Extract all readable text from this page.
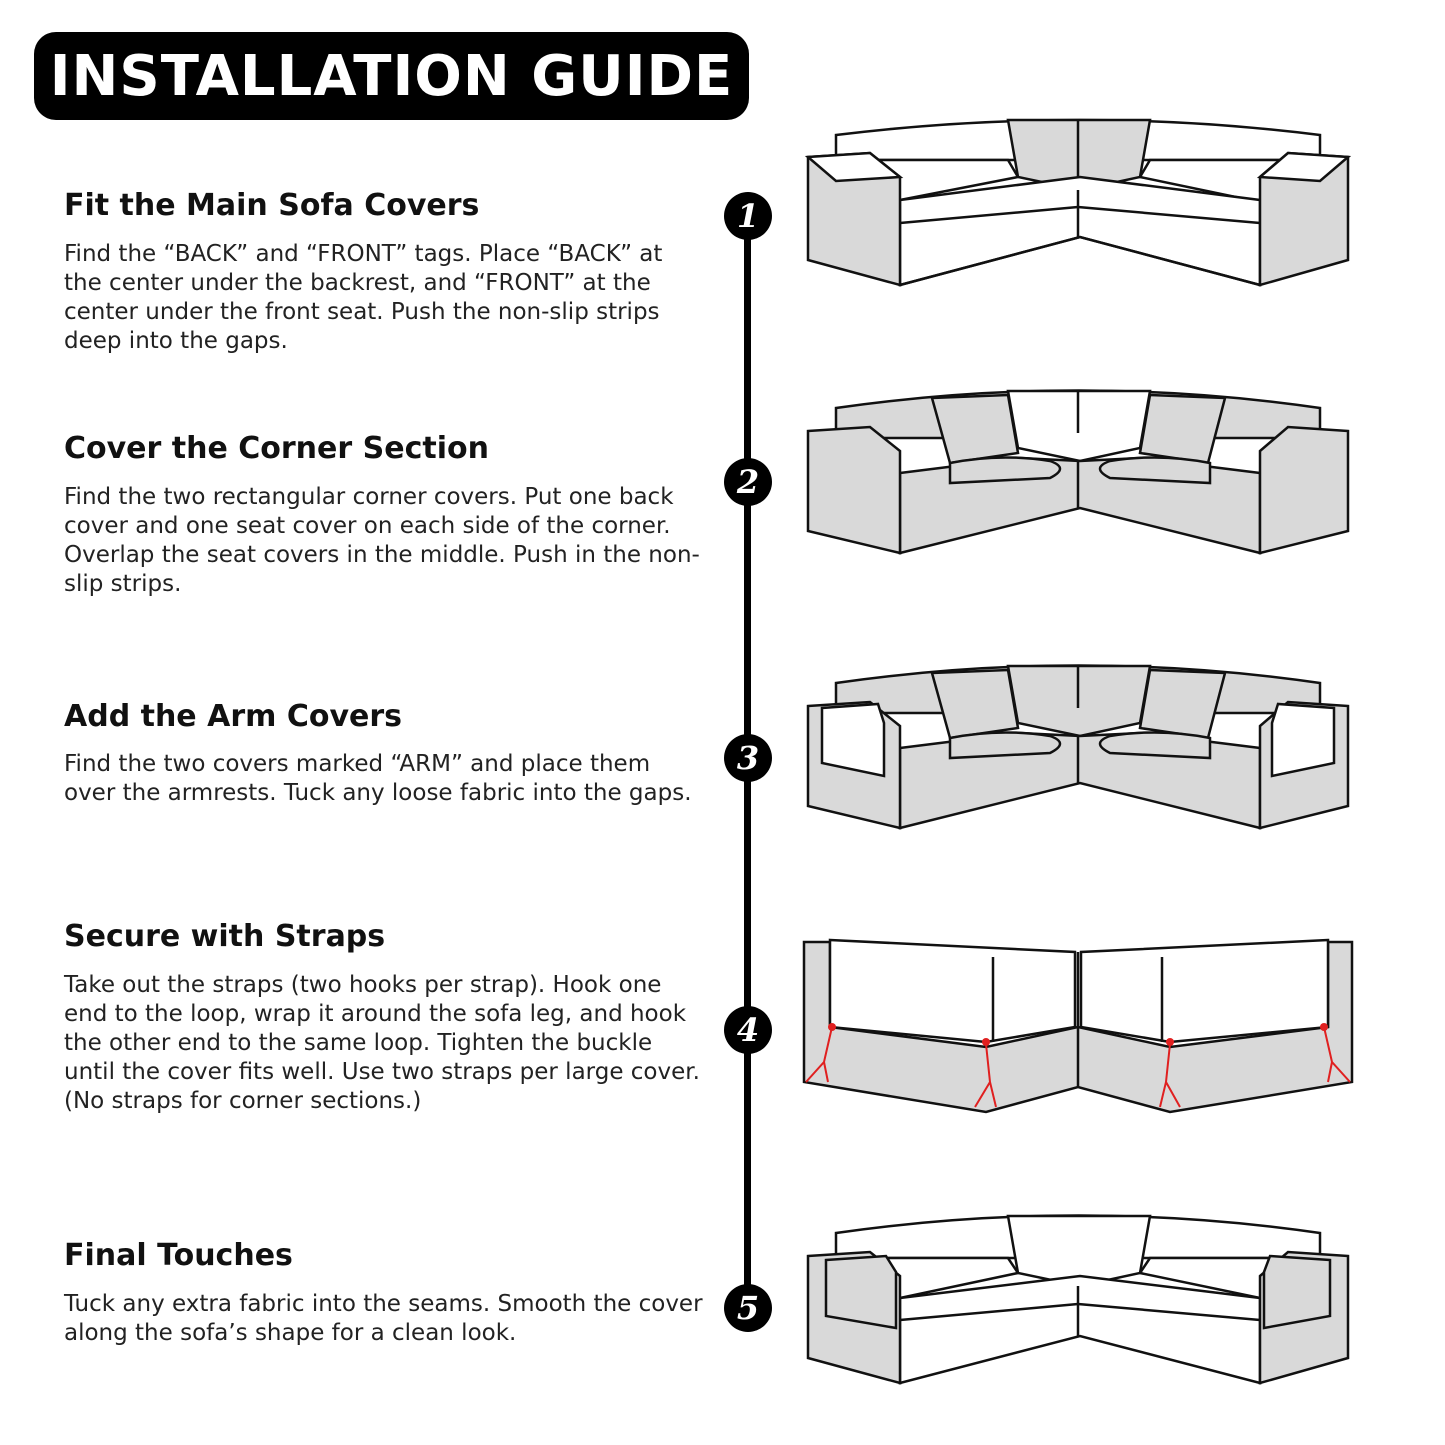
INSTALLATION GUIDE
Fit the Main Sofa Covers
Find the “BACK” and “FRONT” tags. Place “BACK” at the center under the backrest, and “FRONT” at the center under the front seat. Push the non-slip strips deep into the gaps.
1
Cover the Corner Section
Find the two rectangular corner covers. Put one back cover and one seat cover on each side of the corner. Overlap the seat covers in the middle. Push in the non-slip strips.
2
Add the Arm Covers
Find the two covers marked “ARM” and place them over the armrests. Tuck any loose fabric into the gaps.
3
Secure with Straps
Take out the straps (two hooks per strap). Hook one end to the loop, wrap it around the sofa leg, and hook the other end to the same loop. Tighten the buckle until the cover fits well. Use two straps per large cover. (No straps for corner sections.)
4
Final Touches
Tuck any extra fabric into the seams. Smooth the cover along the sofa’s shape for a clean look.
5
